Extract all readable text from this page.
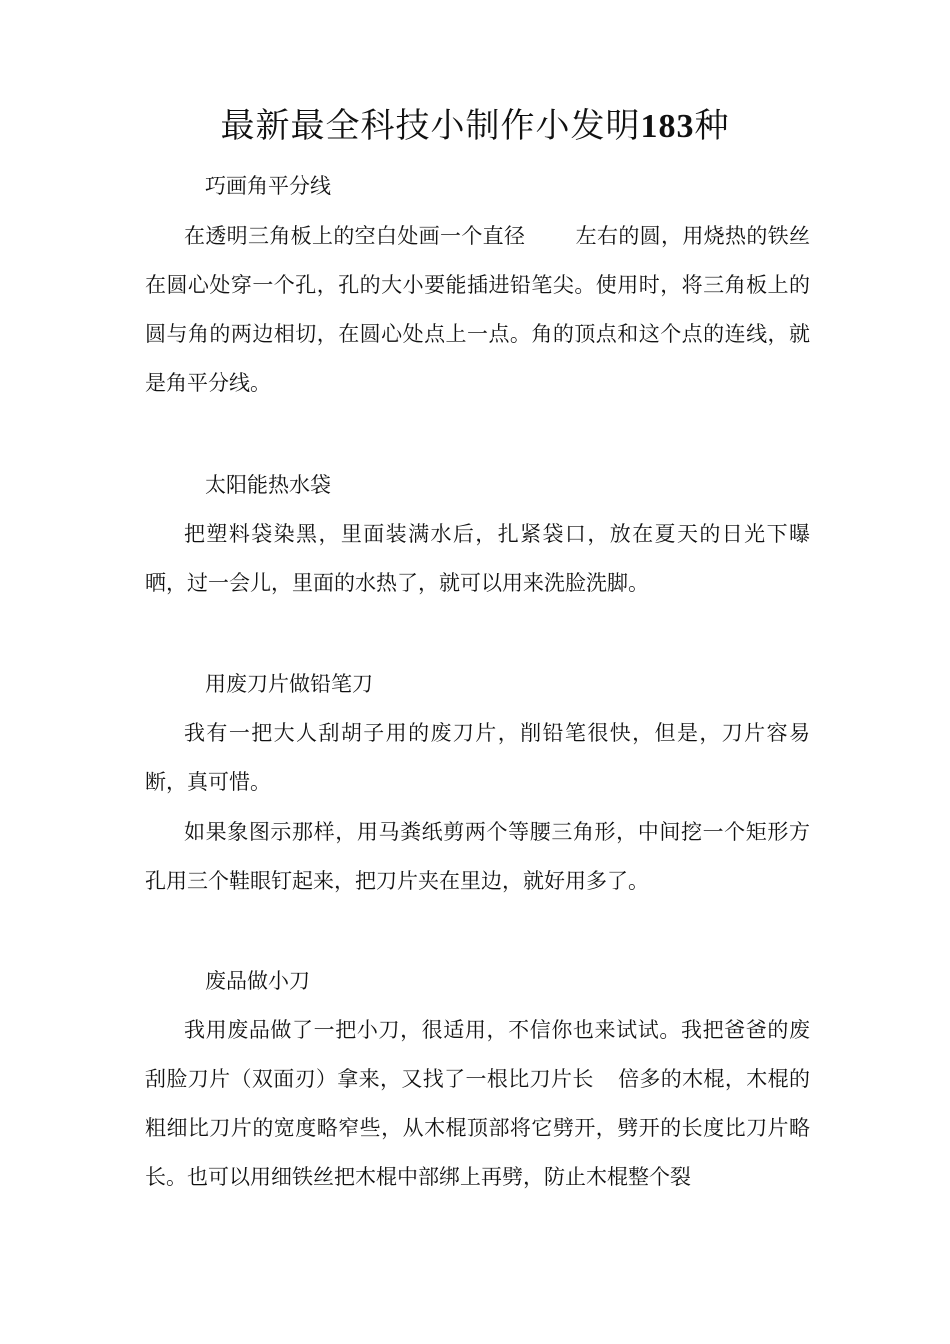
最新最全科技小制作小发明183种
巧画角平分线

在透明三角板上的空白处画一个直径 左右的圆，用烧热的铁丝在圆心处穿一个孔，孔的大小要能插进铅笔尖。使用时，将三角板上的圆与角的两边相切，在圆心处点上一点。角的顶点和这个点的连线，就是角平分线。

太阳能热水袋

把塑料袋染黑，里面装满水后，扎紧袋口，放在夏天的日光下曝晒，过一会儿，里面的水热了，就可以用来洗脸洗脚。

用废刀片做铅笔刀

我有一把大人刮胡子用的废刀片，削铅笔很快，但是，刀片容易断，真可惜。

如果象图示那样，用马粪纸剪两个等腰三角形，中间挖一个矩形方孔用三个鞋眼钉起来，把刀片夹在里边，就好用多了。

废品做小刀

我用废品做了一把小刀，很适用，不信你也来试试。我把爸爸的废刮脸刀片（双面刃）拿来，又找了一根比刀片长 倍多的木棍，木棍的粗细比刀片的宽度略窄些，从木棍顶部将它劈开，劈开的长度比刀片略长。也可以用细铁丝把木棍中部绑上再劈，防止木棍整个裂
